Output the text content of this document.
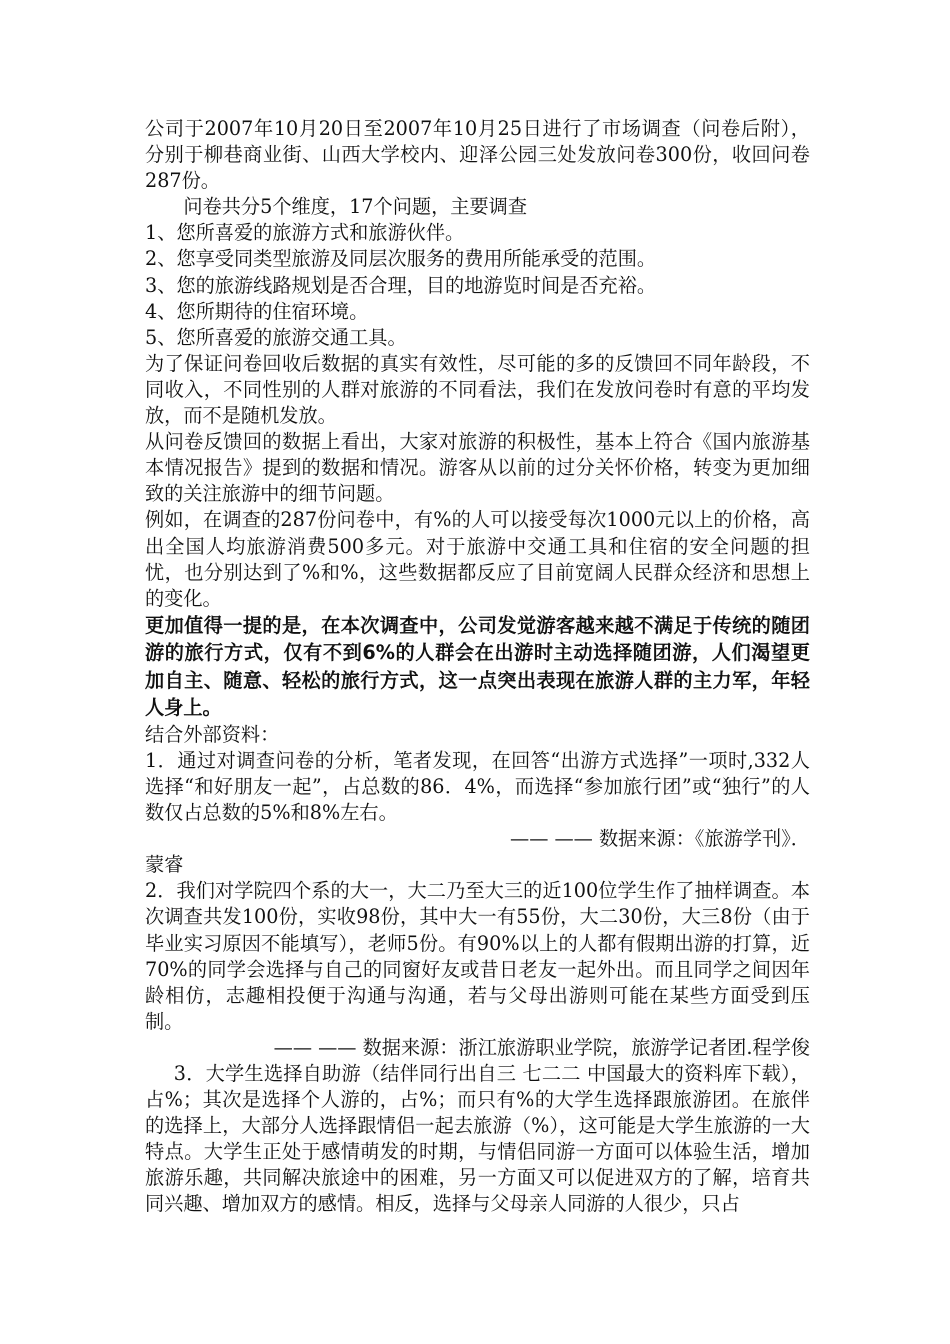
公司于2007年10月20日至2007年10月25日进行了市场调查（问卷后附），分别于柳巷商业街、山西大学校内、迎泽公园三处发放问卷300份，收回问卷287份。

问卷共分5个维度，17个问题，主要调查

1、您所喜爱的旅游方式和旅游伙伴。

2、您享受同类型旅游及同层次服务的费用所能承受的范围。

3、您的旅游线路规划是否合理，目的地游览时间是否充裕。

4、您所期待的住宿环境。

5、您所喜爱的旅游交通工具。

为了保证问卷回收后数据的真实有效性，尽可能的多的反馈回不同年龄段，不同收入，不同性别的人群对旅游的不同看法，我们在发放问卷时有意的平均发放，而不是随机发放。

从问卷反馈回的数据上看出，大家对旅游的积极性，基本上符合《国内旅游基本情况报告》提到的数据和情况。游客从以前的过分关怀价格，转变为更加细致的关注旅游中的细节问题。

例如，在调查的287份问卷中，有%的人可以接受每次1000元以上的价格，高出全国人均旅游消费500多元。对于旅游中交通工具和住宿的安全问题的担忧，也分别达到了%和%，这些数据都反应了目前宽阔人民群众经济和思想上的变化。

更加值得一提的是，在本次调查中，公司发觉游客越来越不满足于传统的随团游的旅行方式，仅有不到6%的人群会在出游时主动选择随团游，人们渴望更加自主、随意、轻松的旅行方式，这一点突出表现在旅游人群的主力军，年轻人身上。

结合外部资料：

1．通过对调查问卷的分析，笔者发现，在回答“出游方式选择”一项时,332人选择“和好朋友一起”，占总数的86．4%，而选择“参加旅行团”或“独行”的人数仅占总数的5%和8%左右。

—— —— 数据来源：《旅游学刊》．

蒙睿

2．我们对学院四个系的大一，大二乃至大三的近100位学生作了抽样调查。本次调查共发100份，实收98份，其中大一有55份，大二30份，大三8份（由于毕业实习原因不能填写），老师5份。有90%以上的人都有假期出游的打算，近70%的同学会选择与自己的同窗好友或昔日老友一起外出。而且同学之间因年龄相仿，志趣相投便于沟通与沟通，若与父母出游则可能在某些方面受到压制。

—— —— 数据来源：浙江旅游职业学院，旅游学记者团.程学俊

3．大学生选择自助游（结伴同行出自三 七二二 中国最大的资料库下载），占%；其次是选择个人游的，占%；而只有%的大学生选择跟旅游团。在旅伴的选择上，大部分人选择跟情侣一起去旅游（%），这可能是大学生旅游的一大特点。大学生正处于感情萌发的时期，与情侣同游一方面可以体验生活，增加旅游乐趣，共同解决旅途中的困难，另一方面又可以促进双方的了解，培育共同兴趣、增加双方的感情。相反，选择与父母亲人同游的人很少，只占
